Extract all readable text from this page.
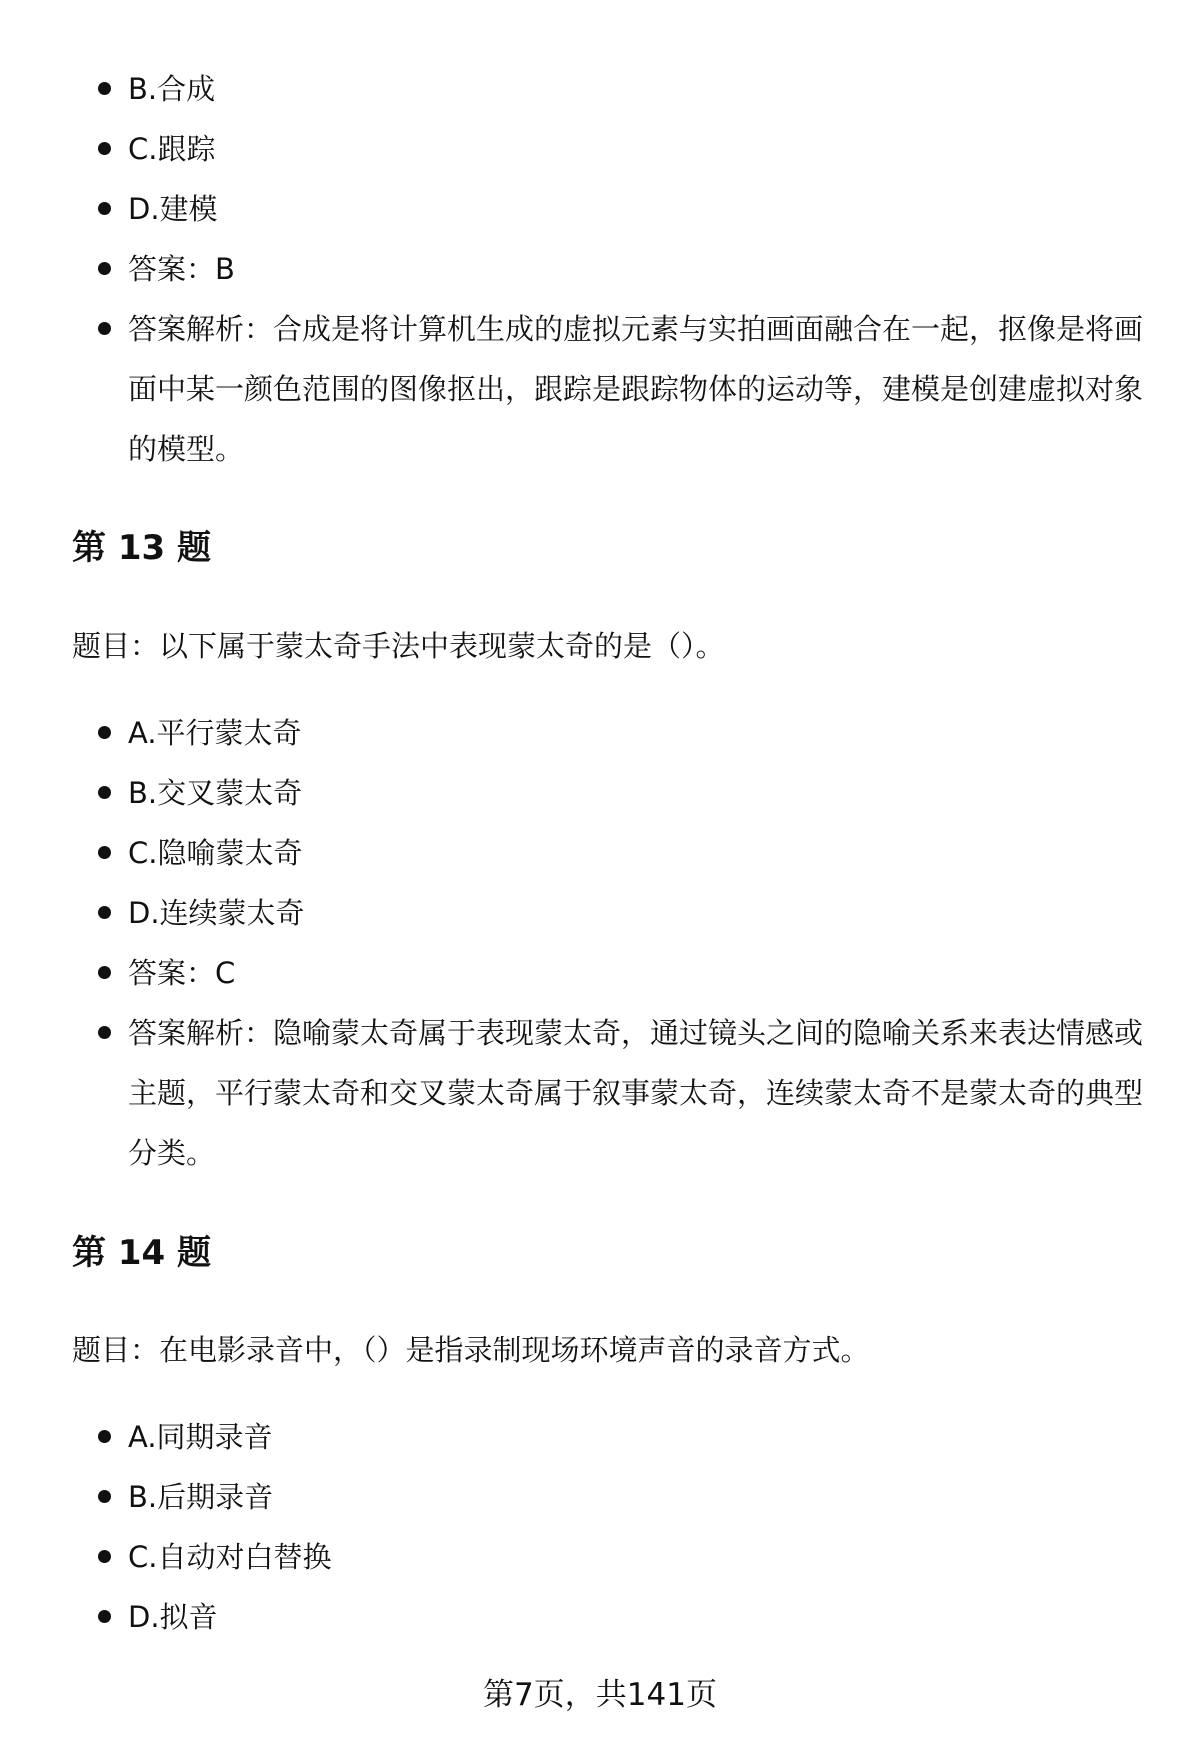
B.合成
C.跟踪
D.建模
答案：B
答案解析：合成是将计算机生成的虚拟元素与实拍画面融合在一起，抠像是将画面中某一颜色范围的图像抠出，跟踪是跟踪物体的运动等，建模是创建虚拟对象的模型。
第 13 题

题目：以下属于蒙太奇手法中表现蒙太奇的是（）。

A.平行蒙太奇
B.交叉蒙太奇
C.隐喻蒙太奇
D.连续蒙太奇
答案：C
答案解析：隐喻蒙太奇属于表现蒙太奇，通过镜头之间的隐喻关系来表达情感或主题，平行蒙太奇和交叉蒙太奇属于叙事蒙太奇，连续蒙太奇不是蒙太奇的典型分类。
第 14 题

题目：在电影录音中，（）是指录制现场环境声音的录音方式。

A.同期录音
B.后期录音
C.自动对白替换
D.拟音
第7页，共141页
